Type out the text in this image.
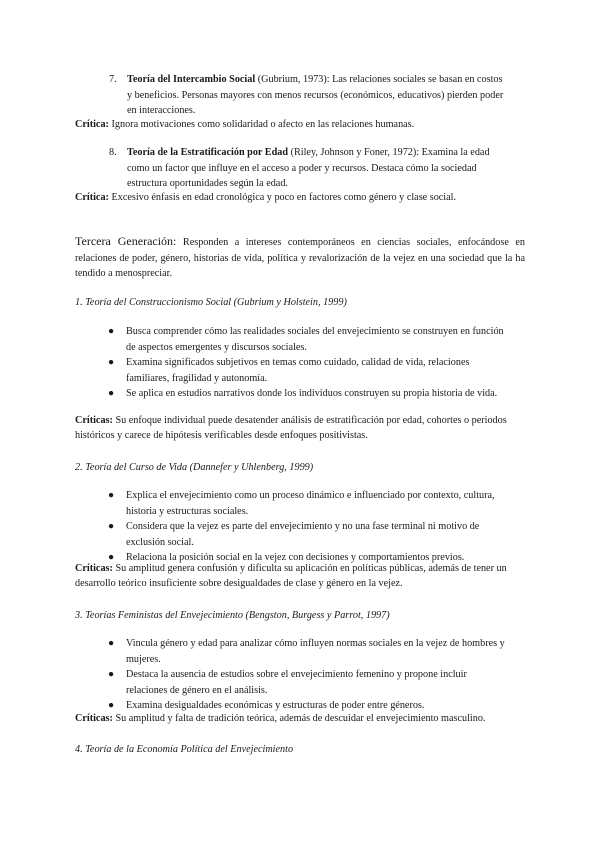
7. Teoría del Intercambio Social (Gubrium, 1973): Las relaciones sociales se basan en costos y beneficios. Personas mayores con menos recursos (económicos, educativos) pierden poder en interacciones.
Crítica: Ignora motivaciones como solidaridad o afecto en las relaciones humanas.
8. Teoría de la Estratificación por Edad (Riley, Johnson y Foner, 1972): Examina la edad como un factor que influye en el acceso a poder y recursos. Destaca cómo la sociedad estructura oportunidades según la edad.
Crítica: Excesivo énfasis en edad cronológica y poco en factores como género y clase social.
Tercera Generación: Responden a intereses contemporáneos en ciencias sociales, enfocándose en relaciones de poder, género, historias de vida, política y revalorización de la vejez en una sociedad que la ha tendido a menospreciar.
1. Teoría del Construccionismo Social (Gubrium y Holstein, 1999)
● Busca comprender cómo las realidades sociales del envejecimiento se construyen en función de aspectos emergentes y discursos sociales.
● Examina significados subjetivos en temas como cuidado, calidad de vida, relaciones familiares, fragilidad y autonomía.
● Se aplica en estudios narrativos donde los individuos construyen su propia historia de vida.
Críticas: Su enfoque individual puede desatender análisis de estratificación por edad, cohortes o periodos históricos y carece de hipótesis verificables desde enfoques positivistas.
2. Teoría del Curso de Vida (Dannefer y Uhlenberg, 1999)
● Explica el envejecimiento como un proceso dinámico e influenciado por contexto, cultura, historia y estructuras sociales.
● Considera que la vejez es parte del envejecimiento y no una fase terminal ni motivo de exclusión social.
● Relaciona la posición social en la vejez con decisiones y comportamientos previos.
Críticas: Su amplitud genera confusión y dificulta su aplicación en políticas públicas, además de tener un desarrollo teórico insuficiente sobre desigualdades de clase y género en la vejez.
3. Teorías Feministas del Envejecimiento (Bengston, Burgess y Parrot, 1997)
● Vincula género y edad para analizar cómo influyen normas sociales en la vejez de hombres y mujeres.
● Destaca la ausencia de estudios sobre el envejecimiento femenino y propone incluir relaciones de género en el análisis.
● Examina desigualdades económicas y estructuras de poder entre géneros.
Críticas: Su amplitud y falta de tradición teórica, además de descuidar el envejecimiento masculino.
4. Teoría de la Economía Política del Envejecimiento
